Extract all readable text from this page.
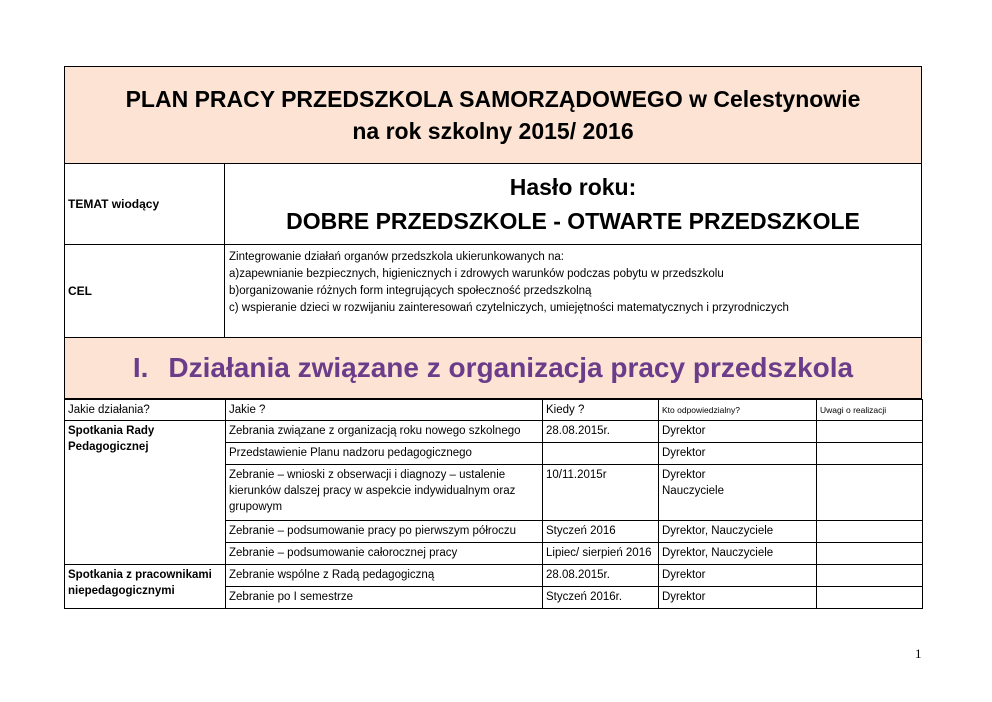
PLAN PRACY PRZEDSZKOLA SAMORZĄDOWEGO w Celestynowie
na rok szkolny 2015/ 2016
TEMAT wiodący
Hasło roku:
DOBRE PRZEDSZKOLE - OTWARTE PRZEDSZKOLE
CEL
Zintegrowanie działań organów przedszkola ukierunkowanych na:
a)zapewnianie bezpiecznych, higienicznych i zdrowych warunków podczas pobytu w przedszkolu
b)organizowanie różnych form integrujących społeczność przedszkolną
c) wspieranie dzieci w rozwijaniu zainteresowań czytelniczych, umiejętności matematycznych i przyrodniczych
I. Działania związane z organizacja pracy przedszkola
Jakie działania?	Jakie ?	Kiedy ?	Kto odpowiedzialny?	Uwagi o realizacji
Spotkania Rady Pedagogicznej	Zebrania związane z organizacją roku nowego szkolnego	28.08.2015r.	Dyrektor	
	Przedstawienie Planu nadzoru pedagogicznego		Dyrektor	
	Zebranie – wnioski z obserwacji i diagnozy – ustalenie kierunków dalszej pracy w aspekcie indywidualnym oraz grupowym	10/11.2015r	Dyrektor
Nauczyciele	
	Zebranie – podsumowanie pracy po pierwszym półroczu	Styczeń 2016	Dyrektor, Nauczyciele	
	Zebranie – podsumowanie całorocznej pracy	Lipiec/ sierpień 2016	Dyrektor, Nauczyciele	
Spotkania z pracownikami niepedagogicznymi	Zebranie wspólne z Radą pedagogiczną	28.08.2015r.	Dyrektor	
	Zebranie po I semestrze	Styczeń 2016r.	Dyrektor	
1
